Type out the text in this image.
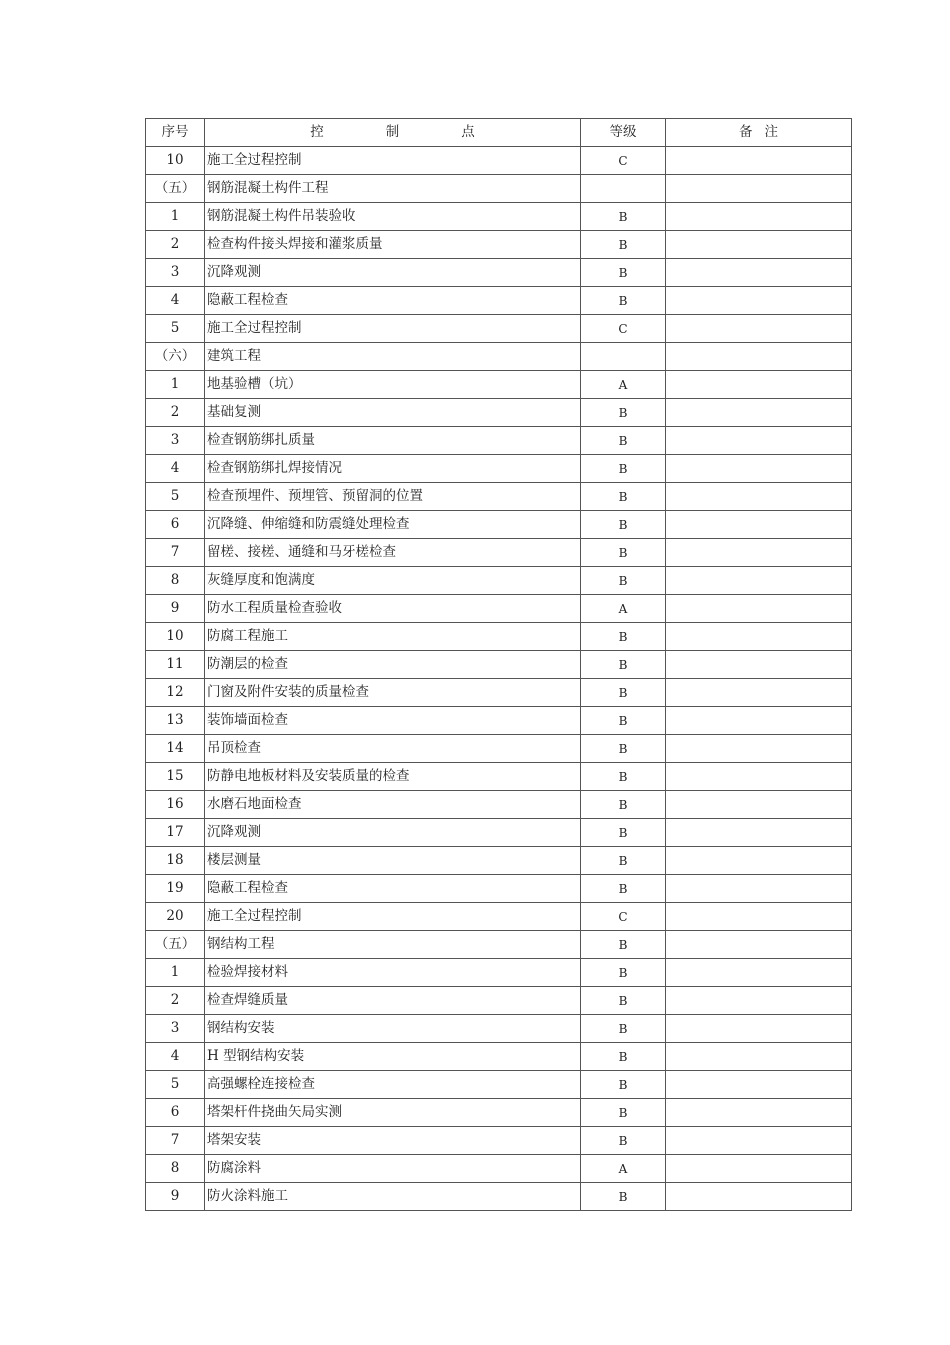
序号	控制点	等级	备注
10	施工全过程控制	C	
（五）	钢筋混凝土构件工程		
1	钢筋混凝土构件吊装验收	B	
2	检查构件接头焊接和灌浆质量	B	
3	沉降观测	B	
4	隐蔽工程检查	B	
5	施工全过程控制	C	
（六）	建筑工程		
1	地基验槽（坑）	A	
2	基础复测	B	
3	检查钢筋绑扎质量	B	
4	检查钢筋绑扎焊接情况	B	
5	检查预埋件、预埋管、预留洞的位置	B	
6	沉降缝、伸缩缝和防震缝处理检查	B	
7	留槎、接槎、通缝和马牙槎检查	B	
8	灰缝厚度和饱满度	B	
9	防水工程质量检查验收	A	
10	防腐工程施工	B	
11	防潮层的检查	B	
12	门窗及附件安装的质量检查	B	
13	装饰墙面检查	B	
14	吊顶检查	B	
15	防静电地板材料及安装质量的检查	B	
16	水磨石地面检查	B	
17	沉降观测	B	
18	楼层测量	B	
19	隐蔽工程检查	B	
20	施工全过程控制	C	
（五）	钢结构工程	B	
1	检验焊接材料	B	
2	检查焊缝质量	B	
3	钢结构安装	B	
4	H 型钢结构安装	B	
5	高强螺栓连接检查	B	
6	塔架杆件挠曲矢局实测	B	
7	塔架安装	B	
8	防腐涂料	A	
9	防火涂料施工	B	
